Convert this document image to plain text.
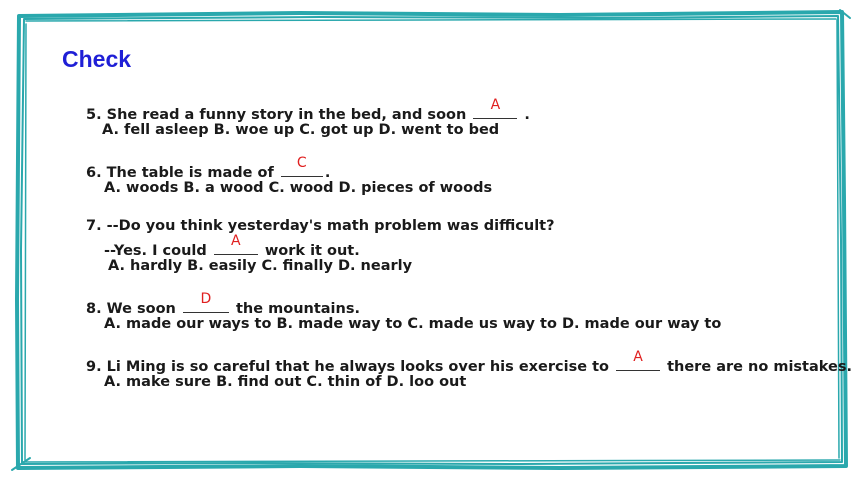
Check
5. She read a funny story in the bed, and soon
A
.
A. fell asleep B. woe up C. got up D. went to bed
6. The table is made of
C
.
A. woods B. a wood C. wood D. pieces of woods
7. --Do you think yesterday's math problem was difficult?
--Yes. I could
A
work it out.
A. hardly B. easily C. finally D. nearly
8. We soon
D
the mountains.
A. made our ways to B. made way to C. made us way to D. made our way to
9. Li Ming is so careful that he always looks over his exercise to
A
there are no mistakes.
A. make sure B. find out C. thin of D. loo out
